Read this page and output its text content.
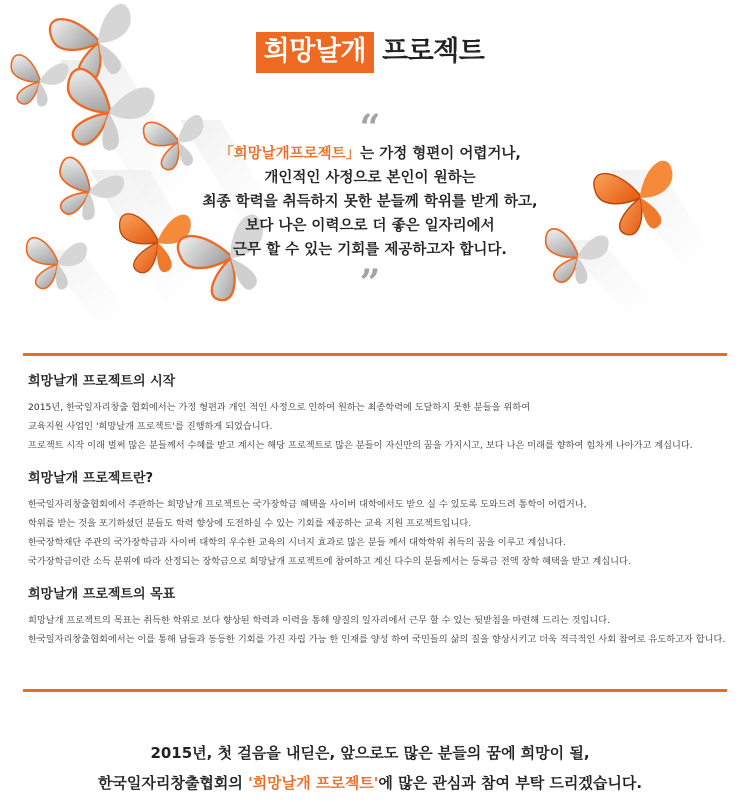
희망날개 프로젝트
“
「희망날개프로젝트」는 가정 형편이 어렵거나,
개인적인 사정으로 본인이 원하는
최종 학력을 취득하지 못한 분들께 학위를 받게 하고,
보다 나은 이력으로 더 좋은 일자리에서
근무 할 수 있는 기회를 제공하고자 합니다.
”
희망날개 프로젝트의 시작

2015년, 한국일자리창출 협회에서는 가정 형편과 개인 적인 사정으로 인하여 원하는 최종학력에 도달하지 못한 분들을 위하여

교육지원 사업인 '희망날개 프로젝트'를 진행하게 되었습니다.

프로젝트 시작 이래 벌써 많은 분들께서 수혜를 받고 계시는 해당 프로젝트로 많은 분들이 자신만의 꿈을 가지시고, 보다 나은 미래를 향하여 힘차게 나아가고 계십니다.

희망날개 프로젝트란?

한국일자리창출협회에서 주관하는 희망날개 프로젝트는 국가장학금 혜택을 사이버 대학에서도 받으 실 수 있도록 도와드려 통학이 어렵거나,

학위를 받는 것을 포기하셨던 분들도 학력 향상에 도전하실 수 있는 기회를 제공하는 교육 지원 프로젝트입니다.

한국장학재단 주관의 국가장학금과 사이버 대학의 우수한 교육의 시너지 효과로 많은 분들 께서 대학학위 취득의 꿈을 이루고 계십니다.

국가장학금이란 소득 분위에 따라 산정되는 장학금으로 희망날개 프로젝트에 참여하고 계신 다수의 분들께서는 등록금 전액 장학 혜택을 받고 계십니다.

희망날개 프로젝트의 목표

희망날개 프로젝트의 목표는 취득한 학위로 보다 향상된 학력과 이력을 통해 양질의 일자리에서 근무 할 수 있는 뒷받침을 마련해 드리는 것입니다.

한국일자리창출협회에서는 이를 통해 남들과 동등한 기회를 가진 자립 가능 한 인재를 양성 하여 국민들의 삶의 질을 향상시키고 더욱 적극적인 사회 참여로 유도하고자 합니다.

2015년, 첫 걸음을 내딛은, 앞으로도 많은 분들의 꿈에 희망이 될,
한국일자리창출협회의 '희망날개 프로젝트'에 많은 관심과 참여 부탁 드리겠습니다.
